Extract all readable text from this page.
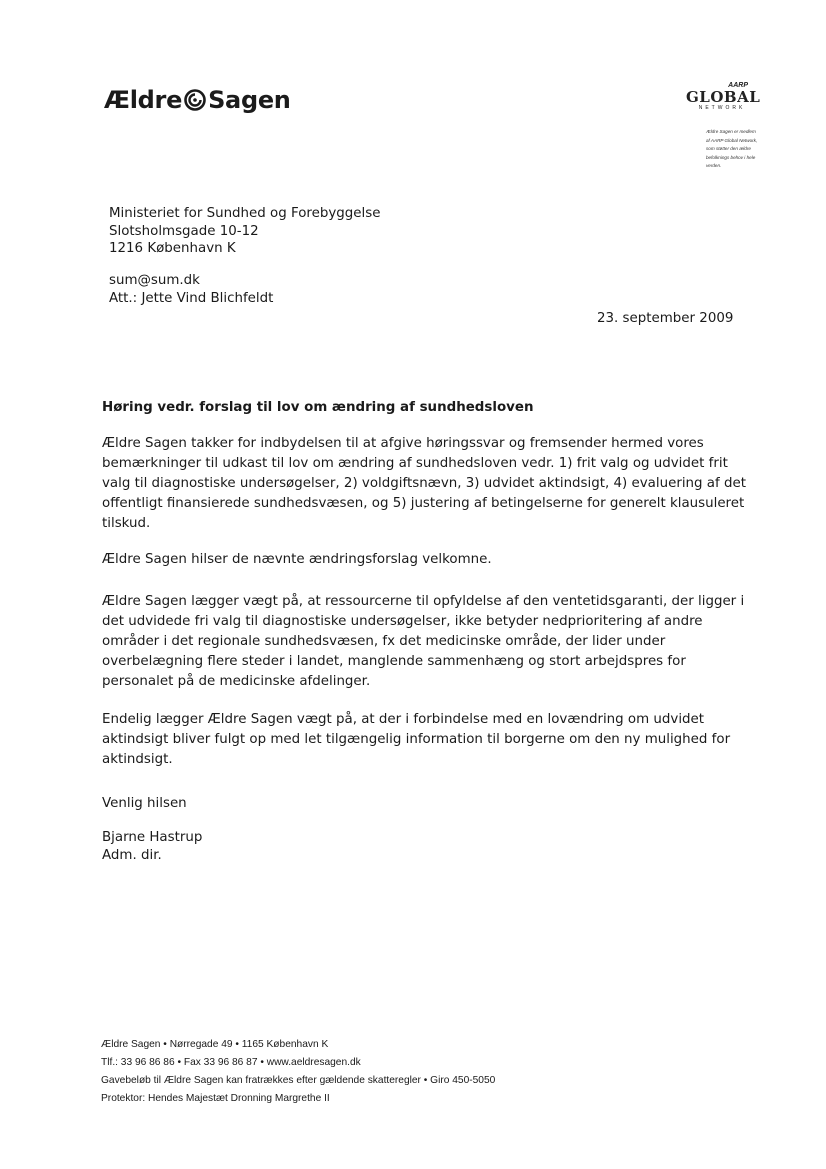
Ældre Sagen
AARP
GLOBAL
NETWORK
Ældre Sagen er medlem
af AARP Global Network,
som støtter den ældre
befolknings behov i hele
verden.
Ministeriet for Sundhed og Forebyggelse
Slotsholmsgade 10-12
1216 København K
sum@sum.dk
Att.: Jette Vind Blichfeldt
23. september 2009
Høring vedr. forslag til lov om ændring af sundhedsloven
Ældre Sagen takker for indbydelsen til at afgive høringssvar og fremsender hermed vores
bemærkninger til udkast til lov om ændring af sundhedsloven vedr. 1) frit valg og udvidet frit
valg til diagnostiske undersøgelser, 2) voldgiftsnævn, 3) udvidet aktindsigt, 4) evaluering af det
offentligt finansierede sundhedsvæsen, og 5) justering af betingelserne for generelt klausuleret
tilskud.
Ældre Sagen hilser de nævnte ændringsforslag velkomne.
Ældre Sagen lægger vægt på, at ressourcerne til opfyldelse af den ventetidsgaranti, der ligger i
det udvidede fri valg til diagnostiske undersøgelser, ikke betyder nedprioritering af andre
områder i det regionale sundhedsvæsen, fx det medicinske område, der lider under
overbelægning flere steder i landet, manglende sammenhæng og stort arbejdspres for
personalet på de medicinske afdelinger.
Endelig lægger Ældre Sagen vægt på, at der i forbindelse med en lovændring om udvidet
aktindsigt bliver fulgt op med let tilgængelig information til borgerne om den ny mulighed for
aktindsigt.
Venlig hilsen
Bjarne Hastrup
Adm. dir.
Ældre Sagen • Nørregade 49 • 1165 København K
Tlf.: 33 96 86 86 • Fax 33 96 86 87 • www.aeldresagen.dk
Gavebeløb til Ældre Sagen kan fratrækkes efter gældende skatteregler • Giro 450-5050
Protektor: Hendes Majestæt Dronning Margrethe II
